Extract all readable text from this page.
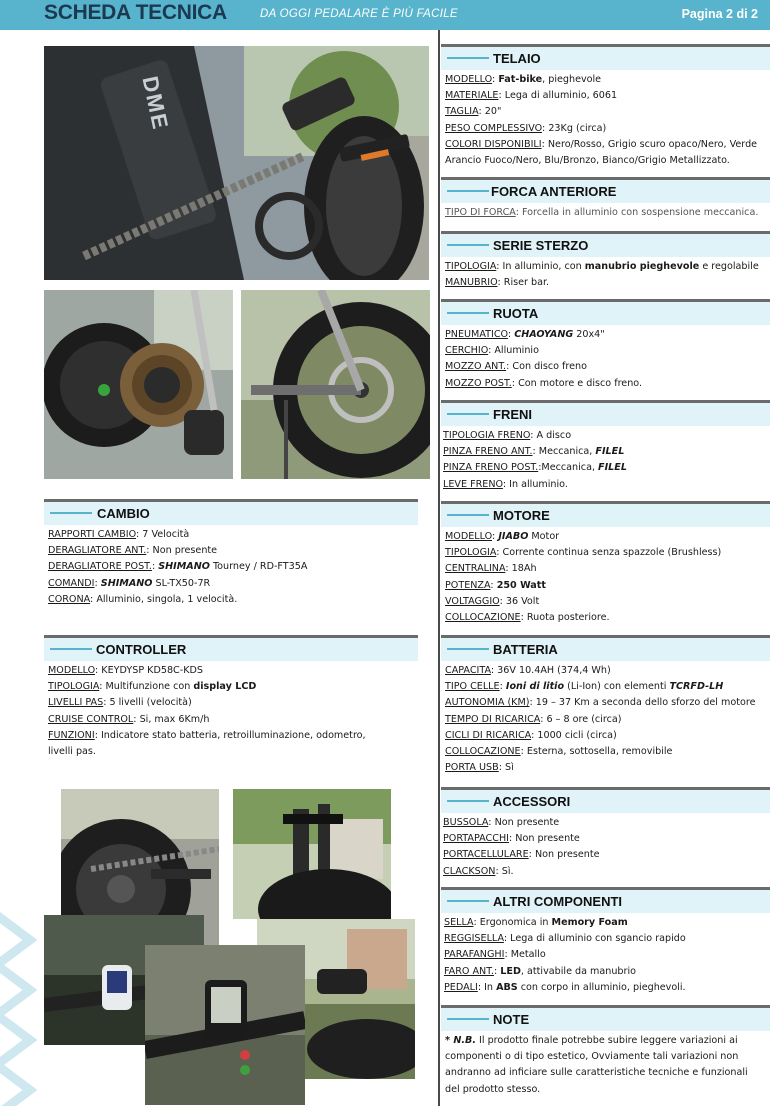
SCHEDA TECNICA	DA OGGI PEDALARE È PIÙ FACILE	Pagina 2 di 2
DME
CAMBIO
RAPPORTI CAMBIO: 7 Velocità
DERAGLIATORE ANT.: Non presente
DERAGLIATORE POST.: SHIMANO Tourney / RD-FT35A
COMANDI: SHIMANO SL-TX50-7R
CORONA: Alluminio, singola, 1 velocità.
CONTROLLER
MODELLO: KEYDYSP KD58C-KDS
TIPOLOGIA: Multifunzione con display LCD
LIVELLI PAS: 5 livelli (velocità)
CRUISE CONTROL: Si, max 6Km/h
FUNZIONI: Indicatore stato batteria, retroilluminazione, odometro,
livelli pas.
TELAIO
MODELLO: Fat-bike, pieghevole
MATERIALE: Lega di alluminio, 6061
TAGLIA: 20"
PESO COMPLESSIVO: 23Kg (circa)
COLORI DISPONIBILI: Nero/Rosso, Grigio scuro opaco/Nero, Verde
Arancio Fuoco/Nero, Blu/Bronzo, Bianco/Grigio Metallizzato.
FORCA ANTERIORE
TIPO DI FORCA: Forcella in alluminio con sospensione meccanica.
SERIE STERZO
TIPOLOGIA: In alluminio, con manubrio pieghevole e regolabile
MANUBRIO: Riser bar.
RUOTA
PNEUMATICO: CHAOYANG 20x4"
CERCHIO: Alluminio
MOZZO ANT.: Con disco freno
MOZZO POST.: Con motore e disco freno.
FRENI
TIPOLOGIA FRENO: A disco
PINZA FRENO ANT.: Meccanica, FILEL
PINZA FRENO POST.:Meccanica, FILEL
LEVE FRENO: In alluminio.
MOTORE
MODELLO: JIABO Motor
TIPOLOGIA: Corrente continua senza spazzole (Brushless)
CENTRALINA: 18Ah
POTENZA: 250 Watt
VOLTAGGIO: 36 Volt
COLLOCAZIONE: Ruota posteriore.
BATTERIA
CAPACITA: 36V 10.4AH (374,4 Wh)
TIPO CELLE: Ioni di litio (Li-Ion) con elementi TCRFD-LH
AUTONOMIA (KM): 19 – 37 Km a seconda dello sforzo del motore
TEMPO DI RICARICA: 6 – 8 ore (circa)
CICLI DI RICARICA: 1000 cicli (circa)
COLLOCAZIONE: Esterna, sottosella, removibile
PORTA USB: Sì
ACCESSORI
BUSSOLA: Non presente
PORTAPACCHI: Non presente
PORTACELLULARE: Non presente
CLACKSON: Sì.
ALTRI COMPONENTI
SELLA: Ergonomica in Memory Foam
REGGISELLA: Lega di alluminio con sgancio rapido
PARAFANGHI: Metallo
FARO ANT.: LED, attivabile da manubrio
PEDALI: In ABS con corpo in alluminio, pieghevoli.
NOTE
* N.B. Il prodotto finale potrebbe subire leggere variazioni ai
componenti o di tipo estetico, Ovviamente tali variazioni non
andranno ad inficiare sulle caratteristiche tecniche e funzionali
del prodotto stesso.
